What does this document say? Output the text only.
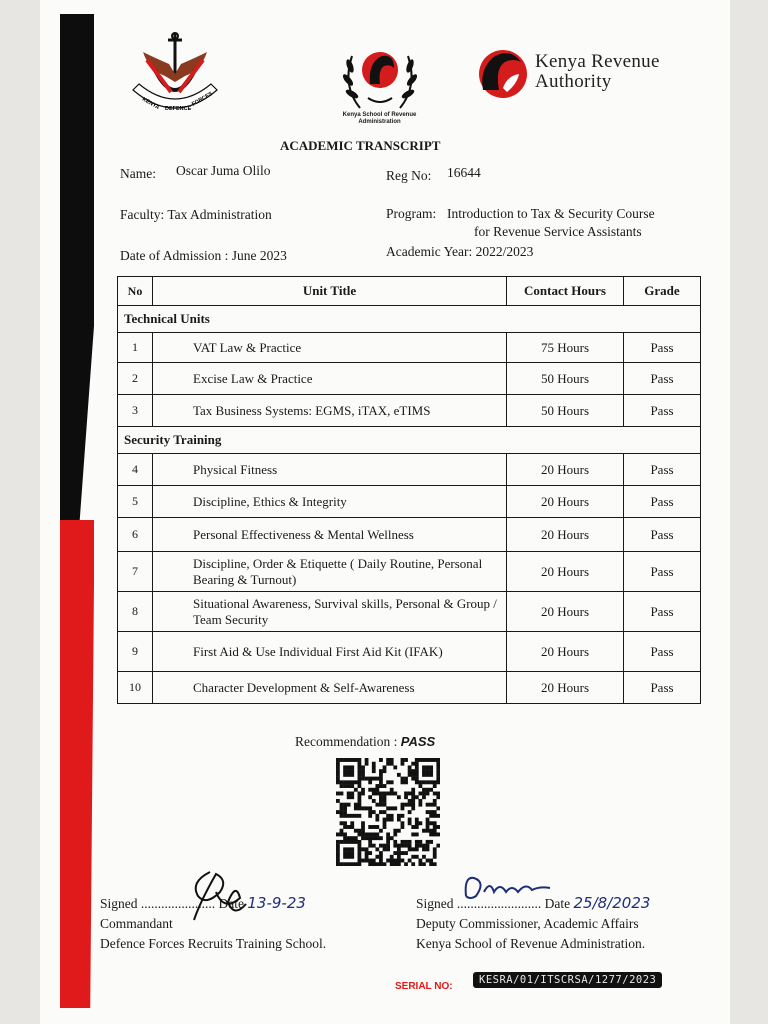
KENYA DEFENCE
FORCES
Kenya School of Revenue Administration
Kenya Revenue
Authority
ACADEMIC TRANSCRIPT
Name: Oscar Juma Olilo	Reg No: 16644
Faculty: Tax Administration	Program: Introduction to Tax & Security Course
for Revenue Service Assistants
Date of Admission : June 2023	Academic Year: 2022/2023
No	Unit Title	Contact Hours	Grade
Technical Units			
1	VAT Law & Practice	75 Hours	Pass
2	Excise Law & Practice	50 Hours	Pass
3	Tax Business Systems: EGMS, iTAX, eTIMS	50 Hours	Pass
Security Training			
4	Physical Fitness	20 Hours	Pass
5	Discipline, Ethics & Integrity	20 Hours	Pass
6	Personal Effectiveness & Mental Wellness	20 Hours	Pass
7	Discipline, Order & Etiquette ( Daily Routine, Personal Bearing & Turnout)	20 Hours	Pass
8	Situational Awareness, Survival skills, Personal & Group / Team Security	20 Hours	Pass
9	First Aid & Use Individual First Aid Kit (IFAK)	20 Hours	Pass
10	Character Development & Self-Awareness	20 Hours	Pass
Recommendation : PASS
Signed ...................... Date 13-9-23
Commandant
Defence Forces Recruits Training School.
Signed ......................... Date 25/8/2023
Deputy Commissioner, Academic Affairs
Kenya School of Revenue Administration.
SERIAL NO:
KESRA/01/ITSCRSA/1277/2023
